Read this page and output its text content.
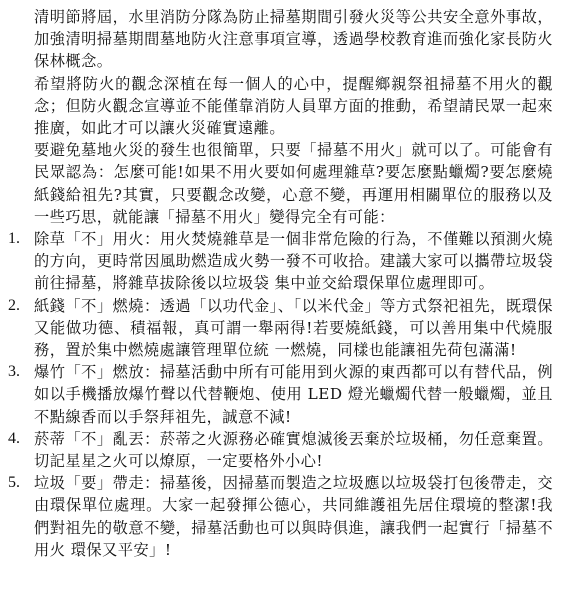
清明節將屆，水里消防分隊為防止掃墓期間引發火災等公共安全意外事故，加強清明掃墓期間墓地防火注意事項宣導，透過學校教育進而強化家長防火保林概念。

希望將防火的觀念深植在每一個人的心中，提醒鄉親祭祖掃墓不用火的觀念；但防火觀念宣導並不能僅靠消防人員單方面的推動，希望請民眾一起來推廣，如此才可以讓火災確實遠離。

要避免墓地火災的發生也很簡單，只要「掃墓不用火」就可以了。可能會有民眾認為：怎麼可能!如果不用火要如何處理雜草?要怎麼點蠟燭?要怎麼燒紙錢給祖先?其實，只要觀念改變，心意不變，再運用相關單位的服務以及一些巧思，就能讓「掃墓不用火」變得完全有可能：

1. 除草「不」用火：用火焚燒雜草是一個非常危險的行為，不僅難以預測火燒的方向，更時常因風助燃造成火勢一發不可收拾。建議大家可以攜帶垃圾袋前往掃墓，將雜草拔除後以垃圾袋 集中並交給環保單位處理即可。
2. 紙錢「不」燃燒：透過「以功代金」、「以米代金」等方式祭祀祖先，既環保又能做功德、積福報，真可謂一舉兩得!若要燒紙錢，可以善用集中代燒服務，置於集中燃燒處讓管理單位統 一燃燒，同樣也能讓祖先荷包滿滿!
3. 爆竹「不」燃放：掃墓活動中所有可能用到火源的東西都可以有替代品，例如以手機播放爆竹聲以代替鞭炮、使用 LED 燈光蠟燭代替一般蠟燭，並且不點線香而以手祭拜祖先，誠意不減!
4. 菸蒂「不」亂丟：菸蒂之火源務必確實熄滅後丟棄於垃圾桶，勿任意棄置。切記星星之火可以燎原，一定要格外小心!
5. 垃圾「要」帶走：掃墓後，因掃墓而製造之垃圾應以垃圾袋打包後帶走，交由環保單位處理。大家一起發揮公德心，共同維護祖先居住環境的整潔!我們對祖先的敬意不變，掃墓活動也可以與時俱進，讓我們一起實行「掃墓不用火 環保又平安」!
